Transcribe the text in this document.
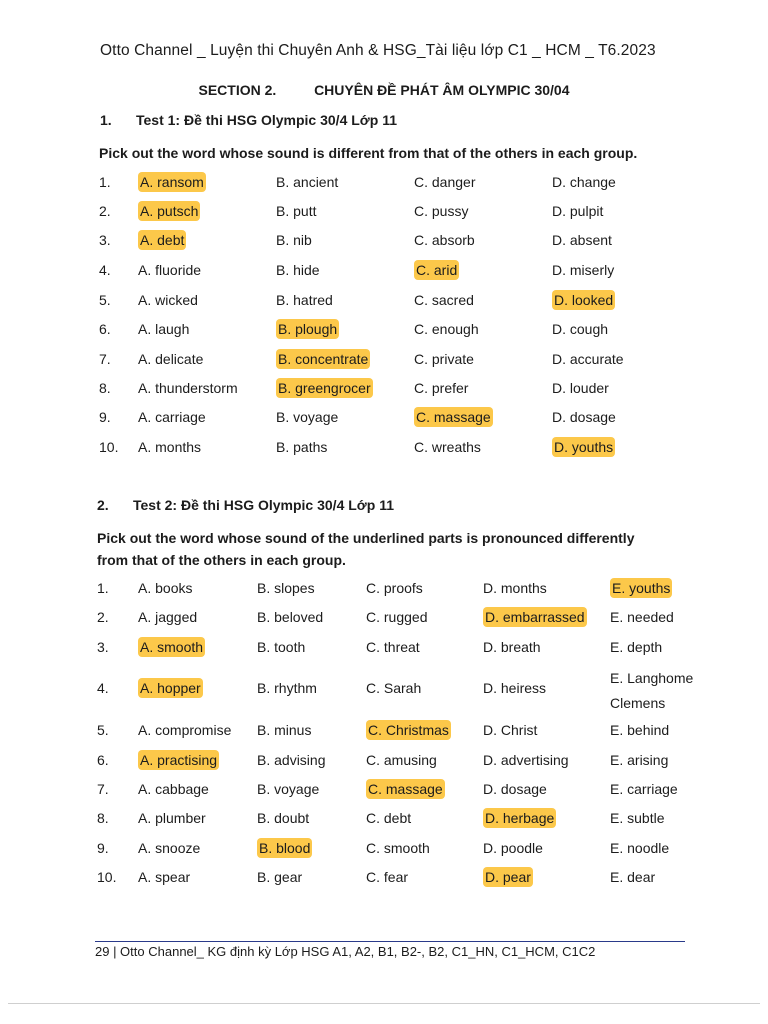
Otto Channel _ Luyện thi Chuyên Anh & HSG_Tài liệu lớp C1 _ HCM _ T6.2023
SECTION 2.	CHUYÊN ĐỀ PHÁT ÂM OLYMPIC 30/04
1. Test 1: Đề thi HSG Olympic 30/4 Lớp 11
Pick out the word whose sound is different from that of the others in each group.
1. A. ransom	B. ancient	C. danger	D. change
2. A. putsch	B. putt	C. pussy	D. pulpit
3. A. debt	B. nib	C. absorb	D. absent
4. A. fluoride	B. hide	C. arid	D. miserly
5. A. wicked	B. hatred	C. sacred	D. looked
6. A. laugh	B. plough	C. enough	D. cough
7. A. delicate	B. concentrate	C. private	D. accurate
8. A. thunderstorm	B. greengrocer	C. prefer	D. louder
9. A. carriage	B. voyage	C. massage	D. dosage
10. A. months	B. paths	C. wreaths	D. youths
2. Test 2: Đề thi HSG Olympic 30/4 Lớp 11
Pick out the word whose sound of the underlined parts is pronounced differently
from that of the others in each group.
1. A. books	B. slopes	C. proofs	D. months	E. youths
2. A. jagged	B. beloved	C. rugged	D. embarrassed E. needed
3. A. smooth	B. tooth	C. threat	D. breath	E. depth
4. A. hopper	B. rhythm	C. Sarah	D. heiress
E. Langhome
Clemens
5. A. compromise B. minus	C. Christmas D. Christ	E. behind
6. A. practising	B. advising	C. amusing	D. advertising	E. arising
7. A. cabbage	B. voyage	C. massage	D. dosage	E. carriage
8. A. plumber	B. doubt	C. debt	D. herbage	E. subtle
9. A. snooze	B. blood	C. smooth	D. poodle	E. noodle
10. A. spear	B. gear	C. fear	D. pear	E. dear
29 | Otto Channel_ KG định kỳ Lớp HSG A1, A2, B1, B2-, B2, C1_HN, C1_HCM, C1C2
